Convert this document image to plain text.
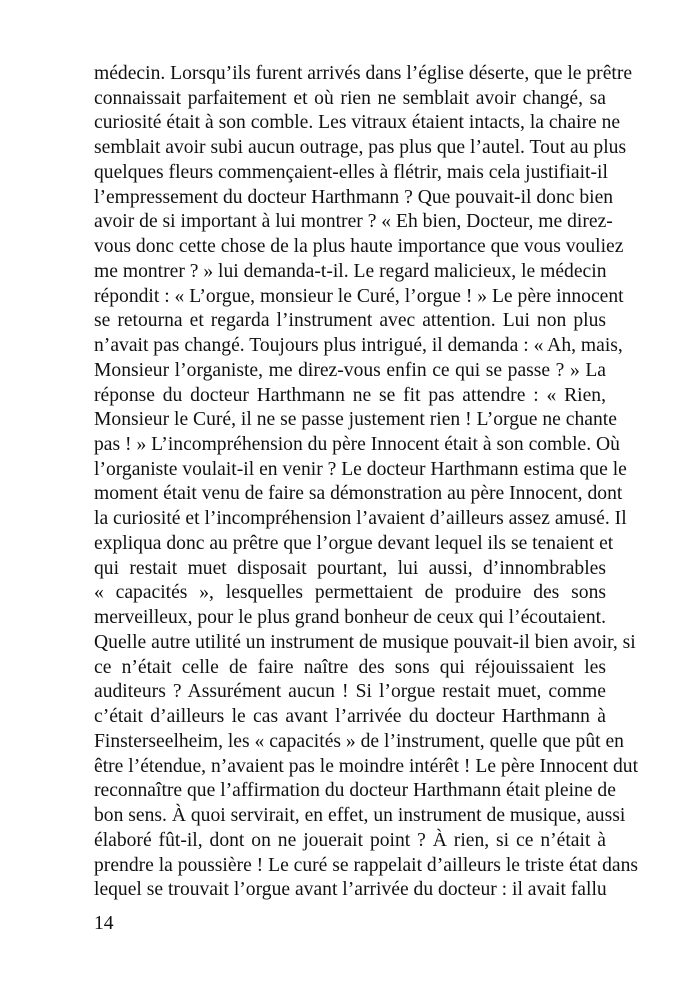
médecin. Lorsqu’ils furent arrivés dans l’église déserte, que le prêtre
connaissait parfaitement et où rien ne semblait avoir changé, sa
curiosité était à son comble. Les vitraux étaient intacts, la chaire ne
semblait avoir subi aucun outrage, pas plus que l’autel. Tout au plus
quelques fleurs commençaient-elles à flétrir, mais cela justifiait-il
l’empressement du docteur Harthmann ? Que pouvait-il donc bien
avoir de si important à lui montrer ? « Eh bien, Docteur, me direz-
vous donc cette chose de la plus haute importance que vous vouliez
me montrer ? » lui demanda-t-il. Le regard malicieux, le médecin
répondit : « L’orgue, monsieur le Curé, l’orgue ! » Le père innocent
se retourna et regarda l’instrument avec attention. Lui non plus
n’avait pas changé. Toujours plus intrigué, il demanda : « Ah, mais,
Monsieur l’organiste, me direz-vous enfin ce qui se passe ? » La
réponse du docteur Harthmann ne se fit pas attendre : « Rien,
Monsieur le Curé, il ne se passe justement rien ! L’orgue ne chante
pas ! » L’incompréhension du père Innocent était à son comble. Où
l’organiste voulait-il en venir ? Le docteur Harthmann estima que le
moment était venu de faire sa démonstration au père Innocent, dont
la curiosité et l’incompréhension l’avaient d’ailleurs assez amusé. Il
expliqua donc au prêtre que l’orgue devant lequel ils se tenaient et
qui restait muet disposait pourtant, lui aussi, d’innombrables
« capacités », lesquelles permettaient de produire des sons
merveilleux, pour le plus grand bonheur de ceux qui l’écoutaient.
Quelle autre utilité un instrument de musique pouvait-il bien avoir, si
ce n’était celle de faire naître des sons qui réjouissaient les
auditeurs ? Assurément aucun ! Si l’orgue restait muet, comme
c’était d’ailleurs le cas avant l’arrivée du docteur Harthmann à
Finsterseelheim, les « capacités » de l’instrument, quelle que pût en
être l’étendue, n’avaient pas le moindre intérêt ! Le père Innocent dut
reconnaître que l’affirmation du docteur Harthmann était pleine de
bon sens. À quoi servirait, en effet, un instrument de musique, aussi
élaboré fût-il, dont on ne jouerait point ? À rien, si ce n’était à
prendre la poussière ! Le curé se rappelait d’ailleurs le triste état dans
lequel se trouvait l’orgue avant l’arrivée du docteur : il avait fallu
14
